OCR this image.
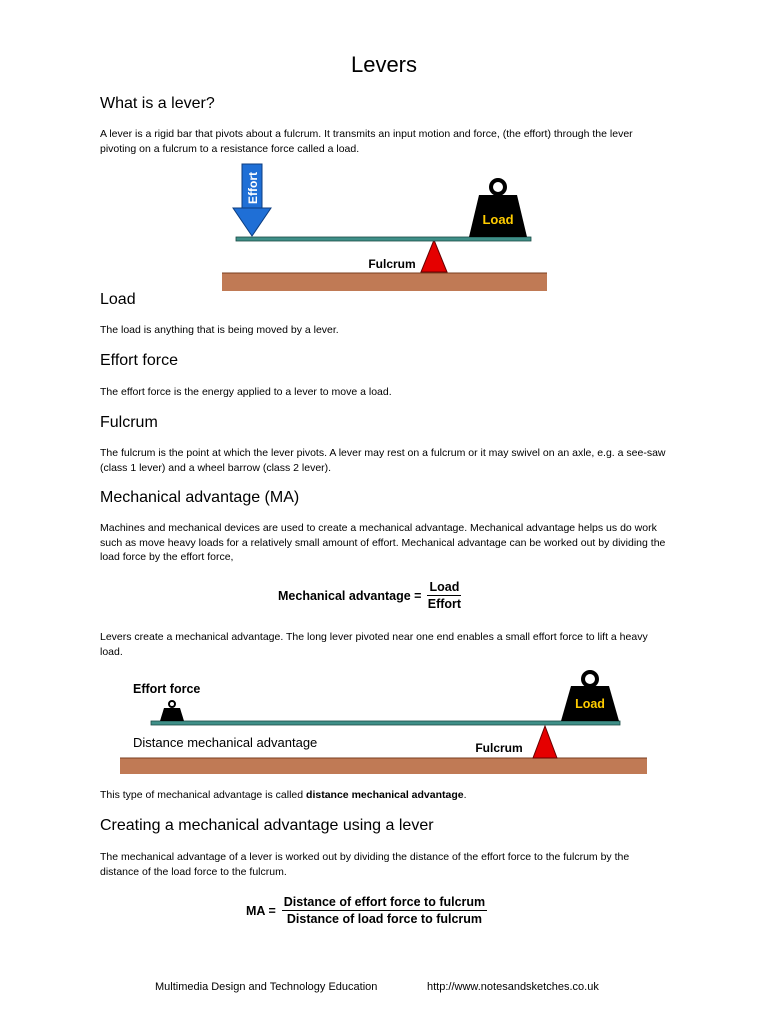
Levers
What is a lever?

A lever is a rigid bar that pivots about a fulcrum. It transmits an input motion and force, (the effort) through the lever pivoting on a fulcrum to a resistance force called a load.

Effort
Load
Fulcrum
Load

The load is anything that is being moved by a lever.

Effort force

The effort force is the energy applied to a lever to move a load.

Fulcrum

The fulcrum is the point at which the lever pivots. A lever may rest on a fulcrum or it may swivel on an axle, e.g. a see-saw (class 1 lever) and a wheel barrow (class 2 lever).

Mechanical advantage (MA)

Machines and mechanical devices are used to create a mechanical advantage. Mechanical advantage helps us do work such as move heavy loads for a relatively small amount of effort. Mechanical advantage can be worked out by dividing the load force by the effort force,

Mechanical advantage = $\frac{\text{Load}}{\text{Effort}}$

Levers create a mechanical advantage. The long lever pivoted near one end enables a small effort force to lift a heavy load.

Effort force
Load
Distance mechanical advantage	Fulcrum

This type of mechanical advantage is called distance mechanical advantage.

Creating a mechanical advantage using a lever

The mechanical advantage of a lever is worked out by dividing the distance of the effort force to the fulcrum by the distance of the load force to the fulcrum.

MA = $\frac{\text{Distance of effort force to fulcrum}}{\text{Distance of load force to fulcrum}}$
Multimedia Design and Technology Education	http://www.notesandsketches.co.uk
